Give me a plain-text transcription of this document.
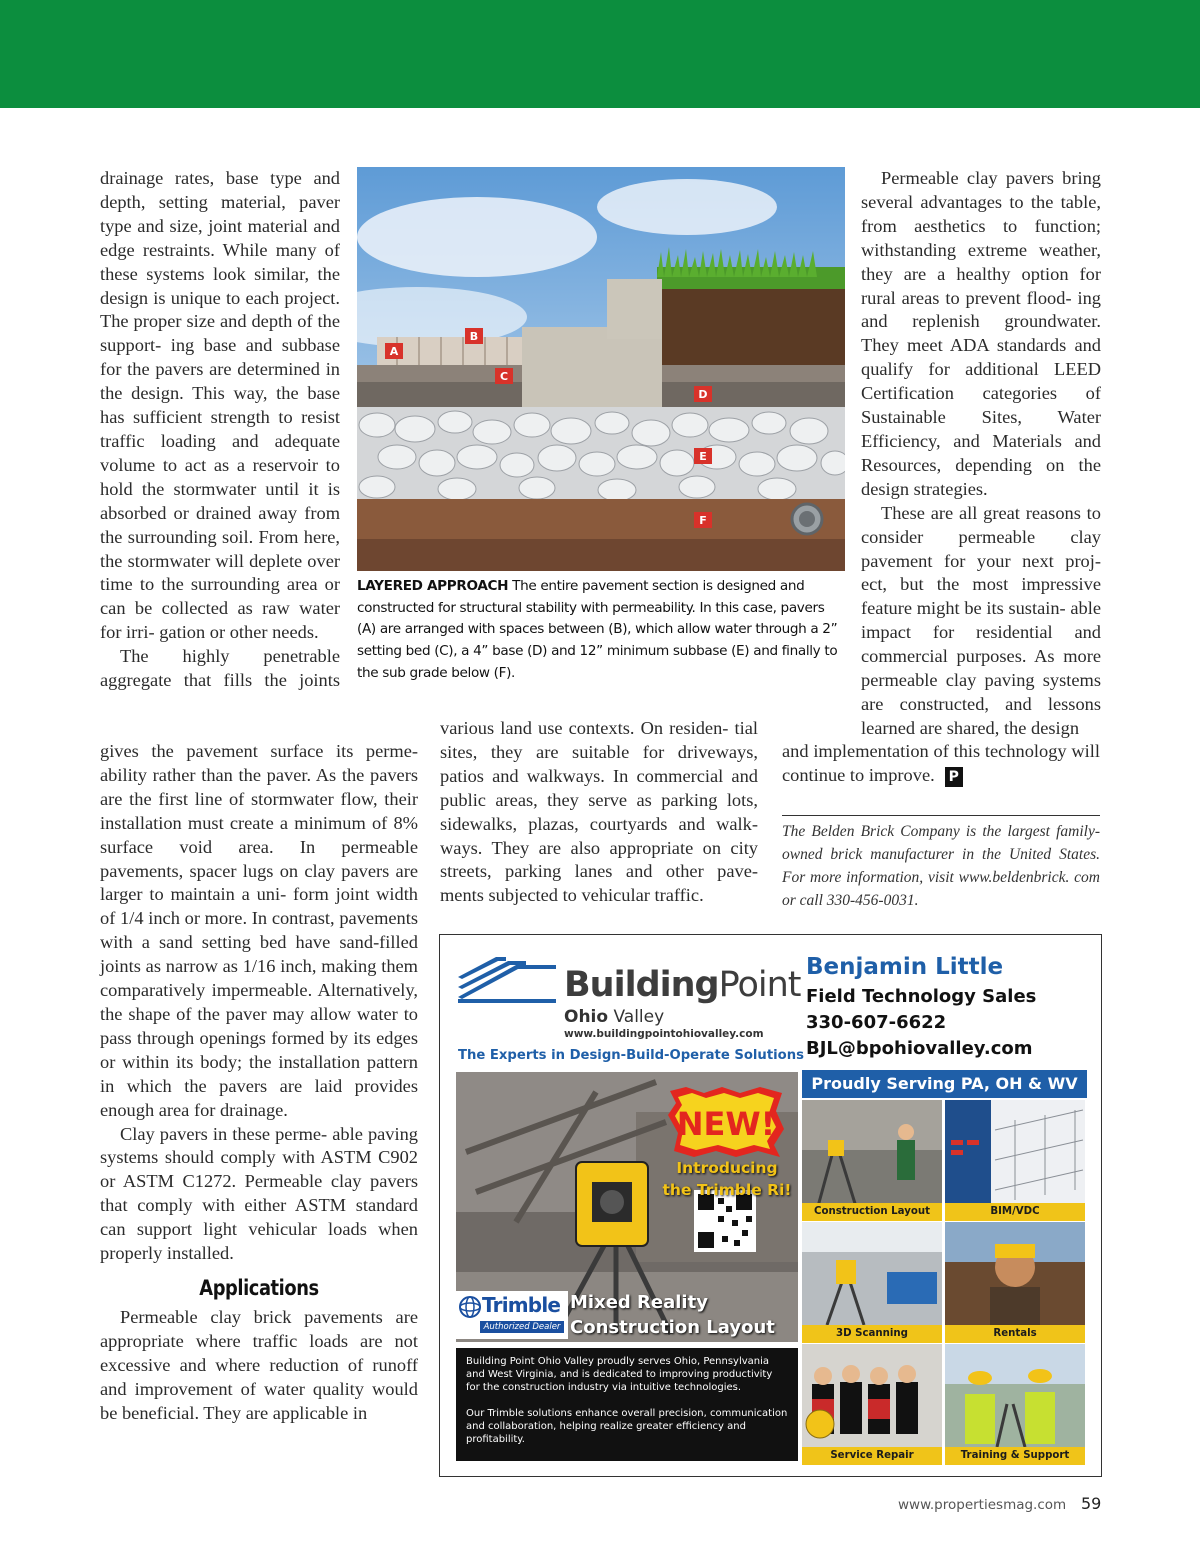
drainage rates, base type and depth, setting material, paver type and size, joint material and edge restraints. While many of these systems look similar, the design is unique to each project. The proper size and depth of the support- ing base and subbase for the pavers are determined in the design. This way, the base has sufficient strength to resist traffic loading and adequate volume to act as a reservoir to hold the stormwater until it is absorbed or drained away from the surrounding soil. From here, the stormwater will deplete over time to the surrounding area or can be collected as raw water for irri- gation or other needs.

The highly penetrable aggregate that fills the joints

gives the pavement surface its perme- ability rather than the paver. As the pavers are the first line of stormwater flow, their installation must create a minimum of 8% surface void area. In permeable pavements, spacer lugs on clay pavers are larger to maintain a uni- form joint width of 1/4 inch or more. In contrast, pavements with a sand setting bed have sand-filled joints as narrow as 1/16 inch, making them comparatively impermeable. Alternatively, the shape of the paver may allow water to pass through openings formed by its edges or within its body; the installation pattern in which the pavers are laid provides enough area for drainage.

Clay pavers in these perme- able paving systems should comply with ASTM C902 or ASTM C1272. Permeable clay pavers that comply with either ASTM standard can support light vehicular loads when properly installed.

Applications

Permeable clay brick pavements are appropriate where traffic loads are not excessive and where reduction of runoff and improvement of water quality would be beneficial. They are applicable in

A
B
C
D
E
F
LAYERED APPROACH The entire pavement section is designed and constructed for structural stability with permeability. In this case, pavers (A) are arranged with spaces between (B), which allow water through a 2” setting bed (C), a 4” base (D) and 12” minimum subbase (E) and finally to the sub grade below (F).

various land use contexts. On residen- tial sites, they are suitable for driveways, patios and walkways. In commercial and public areas, they serve as parking lots, sidewalks, plazas, courtyards and walk- ways. They are also appropriate on city streets, parking lanes and other pave- ments subjected to vehicular traffic.

Permeable clay pavers bring several advantages to the table, from aesthetics to function; withstanding extreme weather, they are a healthy option for rural areas to prevent flood- ing and replenish groundwater. They meet ADA standards and qualify for additional LEED Certification categories of Sustainable Sites, Water Efficiency, and Materials and Resources, depending on the design strategies.

These are all great reasons to consider permeable clay pavement for your next proj- ect, but the most impressive feature might be its sustain- able impact for residential and commercial purposes. As more permeable clay paving systems are constructed, and lessons learned are shared, the design

and implementation of this technology will continue to improve. P

The Belden Brick Company is the largest family-owned brick manufacturer in the United States. For more information, visit www.beldenbrick. com or call 330-456-0031.
BuildingPoint
Ohio Valley
www.buildingpointohiovalley.com
The Experts in Design-Build-Operate Solutions
Benjamin Little
Field Technology Sales
330-607-6622
BJL@bpohiovalley.com
Proudly Serving PA, OH & WV
NEW!
Introducing
the Trimble Ri!
Trimble
Authorized Dealer
Mixed Reality
Construction Layout

Building Point Ohio Valley proudly serves Ohio, Pennsylvania and West Virginia, and is dedicated to improving productivity for the construction industry via intuitive technologies.

Our Trimble solutions enhance overall precision, communication and collaboration, helping realize greater efficiency and profitability.

Construction Layout	BIM/VDC
3D Scanning	Rentals
Service Repair	Training & Support
www.propertiesmag.com 59
